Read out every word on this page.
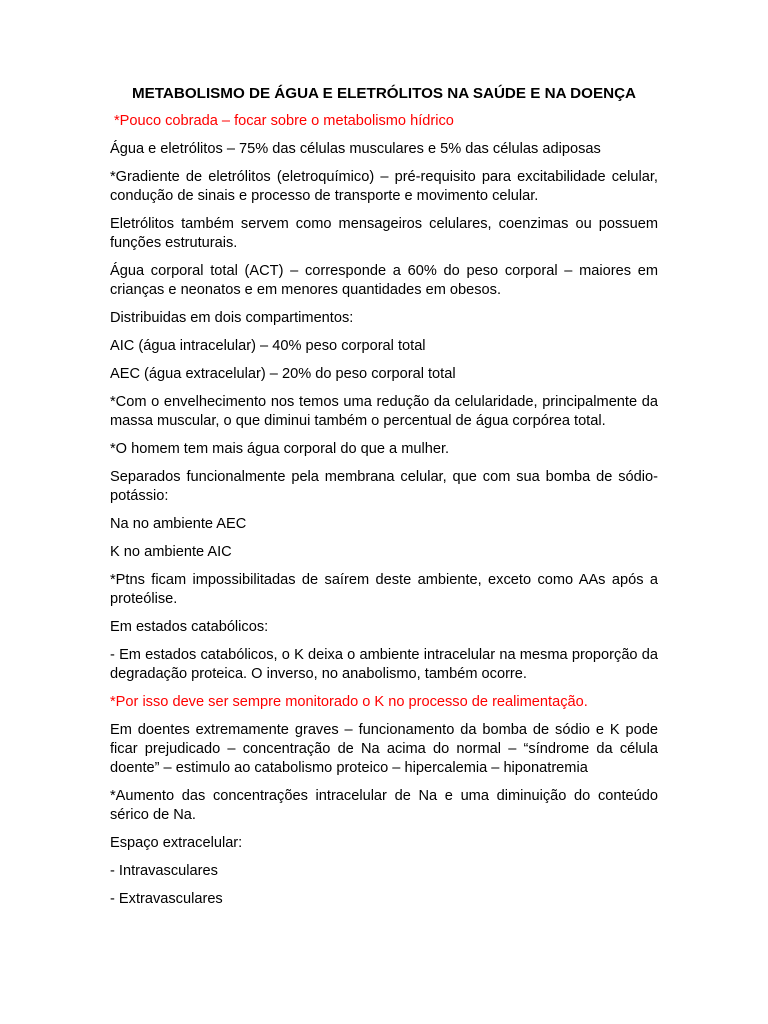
METABOLISMO DE ÁGUA E ELETRÓLITOS NA SAÚDE E NA DOENÇA
*Pouco cobrada – focar sobre o metabolismo hídrico
Água e eletrólitos – 75% das células musculares e 5% das células adiposas
*Gradiente de eletrólitos (eletroquímico) – pré-requisito para excitabilidade celular, condução de sinais e processo de transporte e movimento celular.
Eletrólitos também servem como mensageiros celulares, coenzimas ou possuem funções estruturais.
Água corporal total (ACT) – corresponde a 60% do peso corporal – maiores em crianças e neonatos e em menores quantidades em obesos.
Distribuidas em dois compartimentos:
AIC (água intracelular) – 40% peso corporal total
AEC (água extracelular) – 20% do peso corporal total
*Com o envelhecimento nos temos uma redução da celularidade, principalmente da massa muscular, o que diminui também o percentual de água corpórea total.
*O homem tem mais água corporal do que a mulher.
Separados funcionalmente pela membrana celular, que com sua bomba de sódio-potássio:
Na no ambiente AEC
K no ambiente AIC
*Ptns ficam impossibilitadas de saírem deste ambiente, exceto como AAs após a proteólise.
Em estados catabólicos:
- Em estados catabólicos, o K deixa o ambiente intracelular na mesma proporção da degradação proteica. O inverso, no anabolismo, também ocorre.
*Por isso deve ser sempre monitorado o K no processo de realimentação.
Em doentes extremamente graves – funcionamento da bomba de sódio e K pode ficar prejudicado – concentração de Na acima do normal – “síndrome da célula doente” – estimulo ao catabolismo proteico – hipercalemia – hiponatremia
*Aumento das concentrações intracelular de Na e uma diminuição do conteúdo sérico de Na.
Espaço extracelular:
- Intravasculares
- Extravasculares
